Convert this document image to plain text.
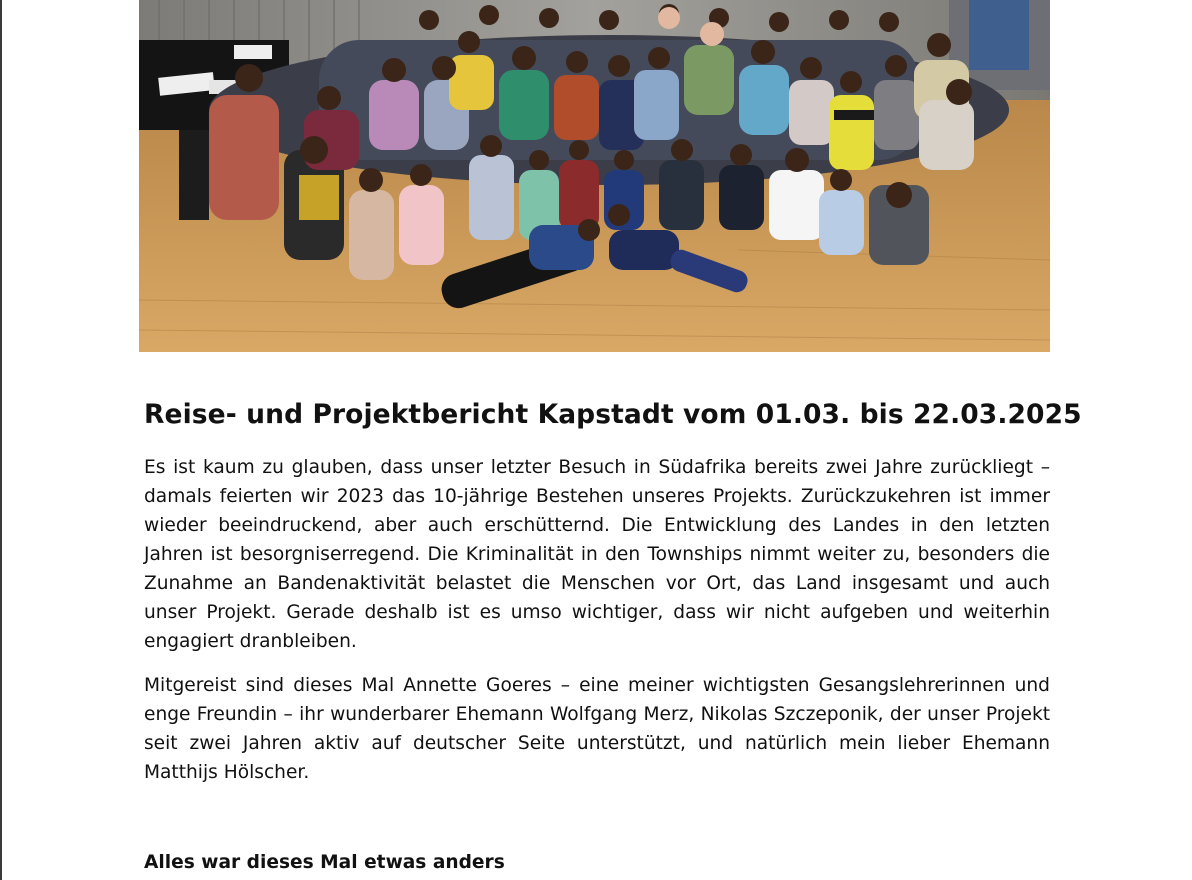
Reise- und Projektbericht Kapstadt vom 01.03. bis 22.03.2025

Es ist kaum zu glauben, dass unser letzter Besuch in Südafrika bereits zwei Jahre zurückliegt – damals feierten wir 2023 das 10-jährige Bestehen unseres Projekts. Zurückzukehren ist immer wieder beeindruckend, aber auch erschütternd. Die Entwicklung des Landes in den letzten Jahren ist besorgniserregend. Die Kriminalität in den Townships nimmt weiter zu, besonders die Zunahme an Bandenaktivität belastet die Menschen vor Ort, das Land insgesamt und auch unser Projekt. Gerade deshalb ist es umso wichtiger, dass wir nicht aufgeben und weiterhin engagiert dranbleiben.

Mitgereist sind dieses Mal Annette Goeres – eine meiner wichtigsten Gesangslehrerinnen und enge Freundin – ihr wunderbarer Ehemann Wolfgang Merz, Nikolas Szczeponik, der unser Projekt seit zwei Jahren aktiv auf deutscher Seite unterstützt, und natürlich mein lieber Ehemann Matthijs Hölscher.

Alles war dieses Mal etwas anders
